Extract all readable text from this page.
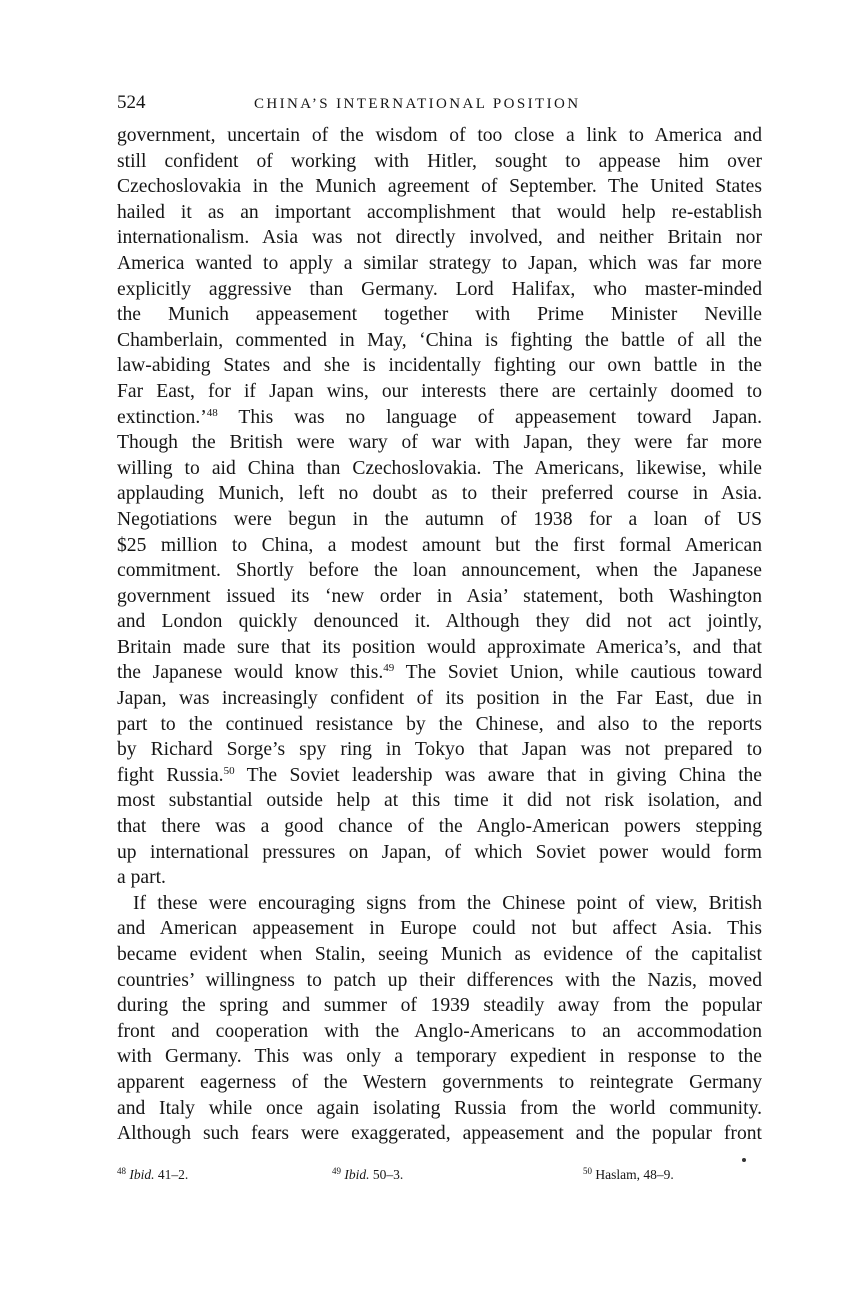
524	CHINA’S INTERNATIONAL POSITION
government, uncertain of the wisdom of too close a link to America and
still confident of working with Hitler, sought to appease him over
Czechoslovakia in the Munich agreement of September. The United States
hailed it as an important accomplishment that would help re-establish
internationalism. Asia was not directly involved, and neither Britain nor
America wanted to apply a similar strategy to Japan, which was far more
explicitly aggressive than Germany. Lord Halifax, who master-minded
the Munich appeasement together with Prime Minister Neville
Chamberlain, commented in May, ‘China is fighting the battle of all the
law-abiding States and she is incidentally fighting our own battle in the
Far East, for if Japan wins, our interests there are certainly doomed to
extinction.’$^{48}$ This was no language of appeasement toward Japan.
Though the British were wary of war with Japan, they were far more
willing to aid China than Czechoslovakia. The Americans, likewise, while
applauding Munich, left no doubt as to their preferred course in Asia.
Negotiations were begun in the autumn of 1938 for a loan of US
$25 million to China, a modest amount but the first formal American
commitment. Shortly before the loan announcement, when the Japanese
government issued its ‘new order in Asia’ statement, both Washington
and London quickly denounced it. Although they did not act jointly,
Britain made sure that its position would approximate America’s, and that
the Japanese would know this.$^{49}$ The Soviet Union, while cautious toward
Japan, was increasingly confident of its position in the Far East, due in
part to the continued resistance by the Chinese, and also to the reports
by Richard Sorge’s spy ring in Tokyo that Japan was not prepared to
fight Russia.$^{50}$ The Soviet leadership was aware that in giving China the
most substantial outside help at this time it did not risk isolation, and
that there was a good chance of the Anglo-American powers stepping
up international pressures on Japan, of which Soviet power would form
a part.
If these were encouraging signs from the Chinese point of view, British
and American appeasement in Europe could not but affect Asia. This
became evident when Stalin, seeing Munich as evidence of the capitalist
countries’ willingness to patch up their differences with the Nazis, moved
during the spring and summer of 1939 steadily away from the popular
front and cooperation with the Anglo-Americans to an accommodation
with Germany. This was only a temporary expedient in response to the
apparent eagerness of the Western governments to reintegrate Germany
and Italy while once again isolating Russia from the world community.
Although such fears were exaggerated, appeasement and the popular front
$^{48}$ Ibid. 41–2.	$^{49}$ Ibid. 50–3.	$^{50}$ Haslam, 48–9.
